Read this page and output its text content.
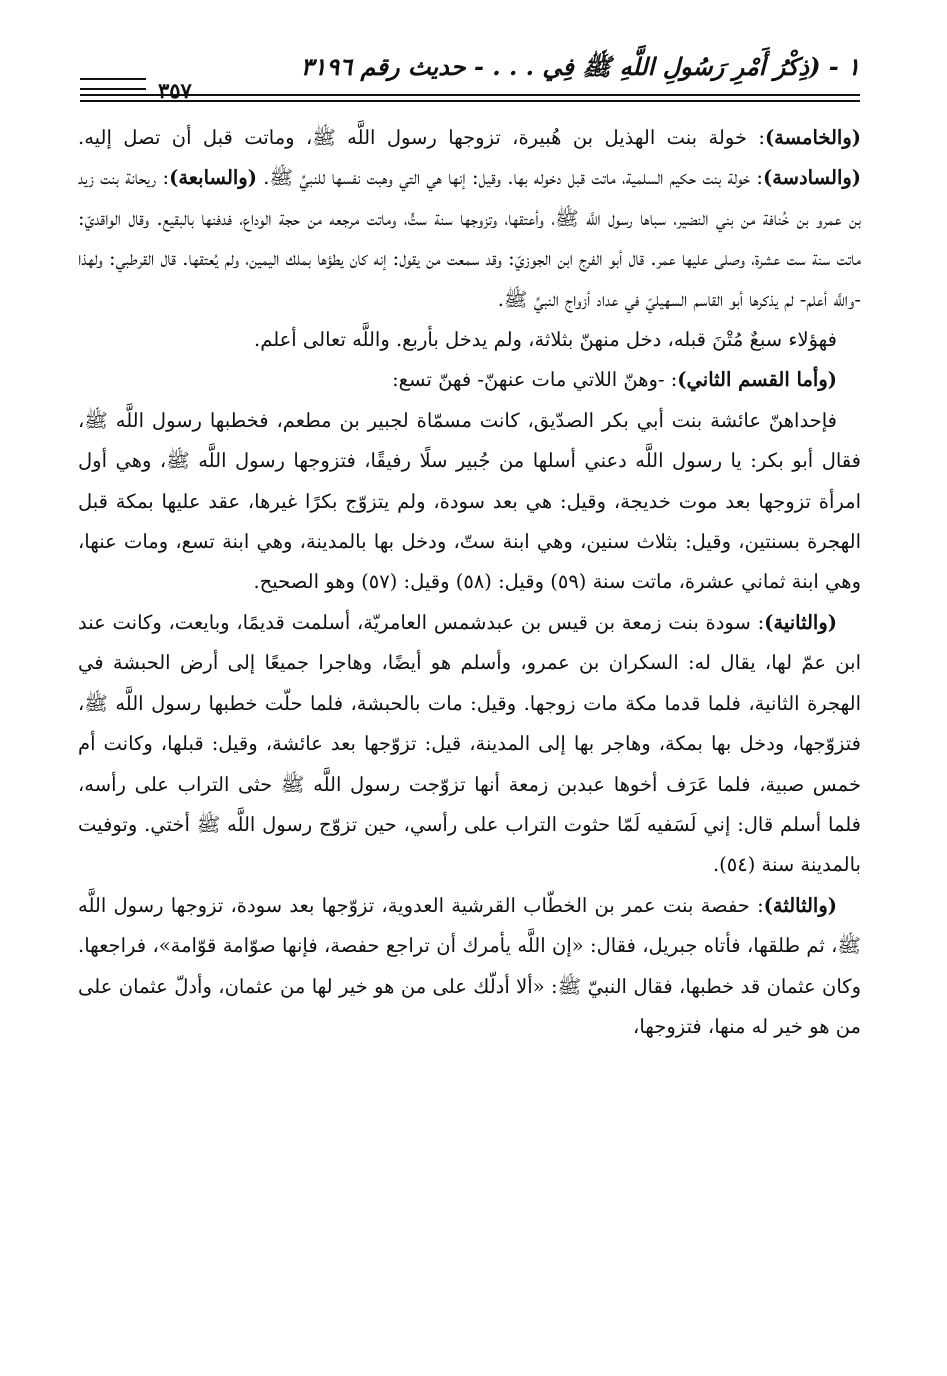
١ - (ذِكْرُ أَمْرِ رَسُولِ اللَّهِ ﷺ فِي . . . - حديث رقم ٣١٩٦
٣٥٧

(والخامسة): خولة بنت الهذيل بن هُبيرة، تزوجها رسول اللَّه ﷺ، وماتت قبل أن تصل إليه. (والسادسة): خولة بنت حكيم السلمية، ماتت قبل دخوله بها. وقيل: إنها هي التي وهبت نفسها للنبيِّ ﷺ. (والسابعة): ريحانة بنت زيد بن عمرو بن خُنافة من بني النضير، سباها رسول اللَّه ﷺ، وأعتقها، وتزوجها سنة ستٍّ، وماتت مرجعه من حجة الوداع، فدفنها بالبقيع. وقال الواقديّ: ماتت سنة ست عشرة، وصلى عليها عمر. قال أبو الفرج ابن الجوزيّ: وقد سمعت من يقول: إنه كان يطؤها بملك اليمين، ولم يُعتقها. قال القرطبي: ولهذا -واللَّه أعلم- لم يذكرها أبو القاسم السهيليّ في عداد أزواج النبيِّ ﷺ.

فهؤلاء سبعٌ مُتْنَ قبله، دخل منهنّ بثلاثة، ولم يدخل بأربع. واللَّه تعالى أعلم.

(وأما القسم الثاني): -وهنّ اللاتي مات عنهنّ- فهنّ تسع:

فإحداهنّ عائشة بنت أبي بكر الصدّيق، كانت مسمّاة لجبير بن مطعم، فخطبها رسول اللَّه ﷺ، فقال أبو بكر: يا رسول اللَّه دعني أسلها من جُبير سلًا رفيقًا، فتزوجها رسول اللَّه ﷺ، وهي أول امرأة تزوجها بعد موت خديجة، وقيل: هي بعد سودة، ولم يتزوّج بكرًا غيرها، عقد عليها بمكة قبل الهجرة بسنتين، وقيل: بثلاث سنين، وهي ابنة ستّ، ودخل بها بالمدينة، وهي ابنة تسع، ومات عنها، وهي ابنة ثماني عشرة، ماتت سنة (٥٩) وقيل: (٥٨) وقيل: (٥٧) وهو الصحيح.

(والثانية): سودة بنت زمعة بن قيس بن عبدشمس العامريّة، أسلمت قديمًا، وبايعت، وكانت عند ابن عمّ لها، يقال له: السكران بن عمرو، وأسلم هو أيضًا، وهاجرا جميعًا إلى أرض الحبشة في الهجرة الثانية، فلما قدما مكة مات زوجها. وقيل: مات بالحبشة، فلما حلّت خطبها رسول اللَّه ﷺ، فتزوّجها، ودخل بها بمكة، وهاجر بها إلى المدينة، قيل: تزوّجها بعد عائشة، وقيل: قبلها، وكانت أم خمس صبية، فلما عَرَف أخوها عبدبن زمعة أنها تزوّجت رسول اللَّه ﷺ حثى التراب على رأسه، فلما أسلم قال: إني لَسَفيه لَمّا حثوت التراب على رأسي، حين تزوّج رسول اللَّه ﷺ أختي. وتوفيت بالمدينة سنة (٥٤).

(والثالثة): حفصة بنت عمر بن الخطّاب القرشية العدوية، تزوّجها بعد سودة، تزوجها رسول اللَّه ﷺ، ثم طلقها، فأتاه جبريل، فقال: «إن اللَّه يأمرك أن تراجع حفصة، فإنها صوّامة قوّامة»، فراجعها. وكان عثمان قد خطبها، فقال النبيّ ﷺ: «ألا أدلّك على من هو خير لها من عثمان، وأدلّ عثمان على من هو خير له منها، فتزوجها،
